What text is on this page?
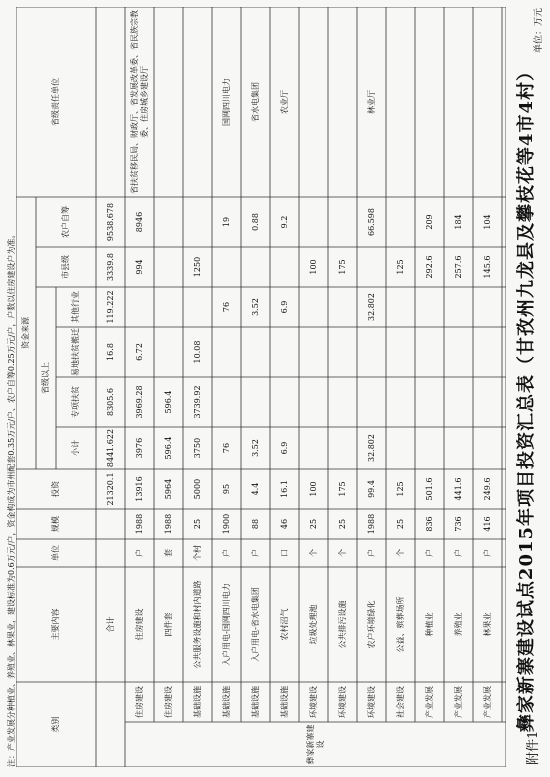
附件1
彝家新寨建设试点2015年项目投资汇总表（甘孜州九龙县及攀枝花等4市4村）
单位：万元
注：产业发展分种植业、养殖业、林果业，建设标准为0.6万元/户，资金构成为市州配套0.35万元/户、农户自筹0.25万元/户，户数以住房建设户为准。	类别
主要内容
单位
规模
投资
资金来源
省级以上
小计
专项扶贫
易地扶贫搬迁
其他行业
市县级
农户自筹
省级责任单位
合计
21320.1
8441.622
8305.6
16.8
119.222
3339.8
9538.678
住房建设
住房建设
户
1988
13916
3976
3969.28
6.72
994
8946
省扶贫移民局、财政厅、省发展改革委、省民族宗教委、住房城乡建设厅
住房建设
四件套
套
1988
5964
596.4
596.4
基础设施
公共服务设施和村内道路
个村
25
5000
3750
3739.92
10.08
1250
基础设施
入户用电-国网四川电力
户
1900
95
76
76
19
国网四川电力
基础设施
入户用电-省水电集团
户
88
4.4
3.52
3.52
0.88
省水电集团
基础设施
农村沼气
口
46
16.1
6.9
6.9
9.2
农业厅
环境建设
垃圾处理池
个
25
100
100
环境建设
公共排污设施
个
25
175
175
环境建设
农户环境绿化
户
1988
99.4
32.802
32.802
66.598
林业厅
社会建设
公益、殡葬场所
个
25
125
125
产业发展
种植业
户
836
501.6
292.6
209
产业发展
养殖业
户
736
441.6
257.6
184
产业发展
林果业
户
416
249.6
145.6
104
彝家新寨建设
